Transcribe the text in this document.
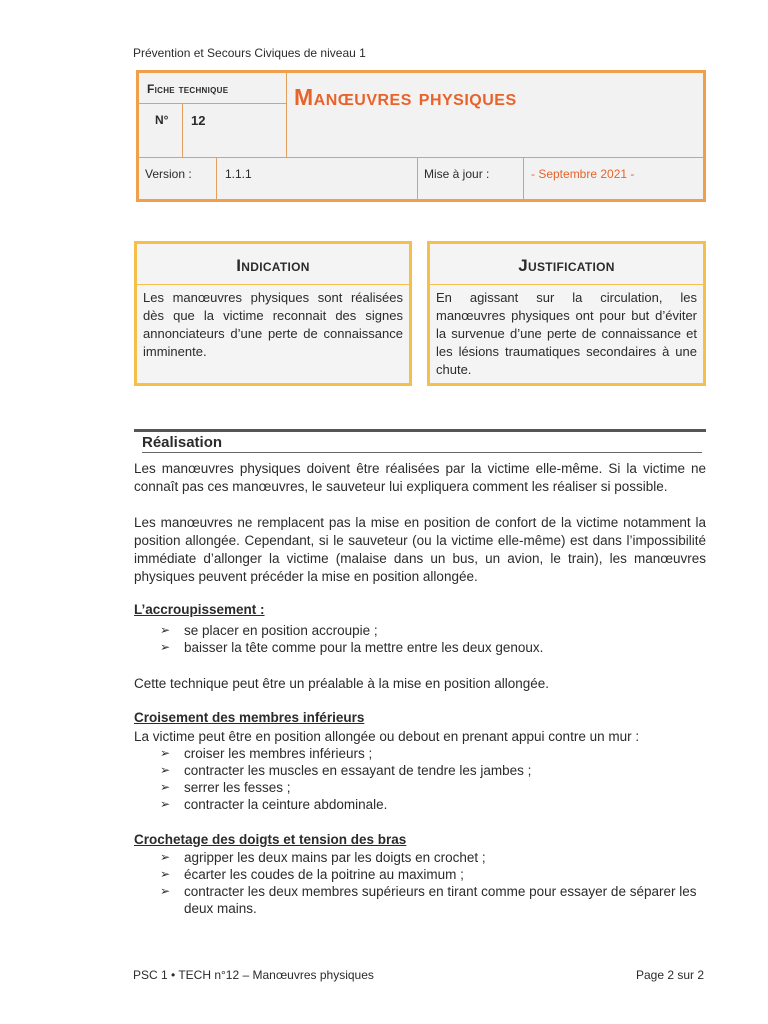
Prévention et Secours Civiques de niveau 1
Fiche technique
N° 12
Manœuvres physiques
Version :	1.1.1	Mise à jour :	- Septembre 2021 -
Indication
Les manœuvres physiques sont réalisées dès que la victime reconnait des signes annonciateurs d’une perte de connaissance imminente.
Justification
En agissant sur la circulation, les manœuvres physiques ont pour but d’éviter la survenue d’une perte de connaissance et les lésions traumatiques secondaires à une chute.
Réalisation
Les manœuvres physiques doivent être réalisées par la victime elle-même. Si la victime ne connaît pas ces manœuvres, le sauveteur lui expliquera comment les réaliser si possible.
Les manœuvres ne remplacent pas la mise en position de confort de la victime notamment la position allongée. Cependant, si le sauveteur (ou la victime elle-même) est dans l’impossibilité immédiate d’allonger la victime (malaise dans un bus, un avion, le train), les manœuvres physiques peuvent précéder la mise en position allongée.
L’accroupissement :
➢ se placer en position accroupie ;
➢ baisser la tête comme pour la mettre entre les deux genoux.
Cette technique peut être un préalable à la mise en position allongée.
Croisement des membres inférieurs
La victime peut être en position allongée ou debout en prenant appui contre un mur :
➢ croiser les membres inférieurs ;
➢ contracter les muscles en essayant de tendre les jambes ;
➢ serrer les fesses ;
➢ contracter la ceinture abdominale.
Crochetage des doigts et tension des bras
➢ agripper les deux mains par les doigts en crochet ;
➢ écarter les coudes de la poitrine au maximum ;
➢ contracter les deux membres supérieurs en tirant comme pour essayer de séparer les deux mains.
PSC 1 • TECH n°12 – Manœuvres physiques	Page 2 sur 2
